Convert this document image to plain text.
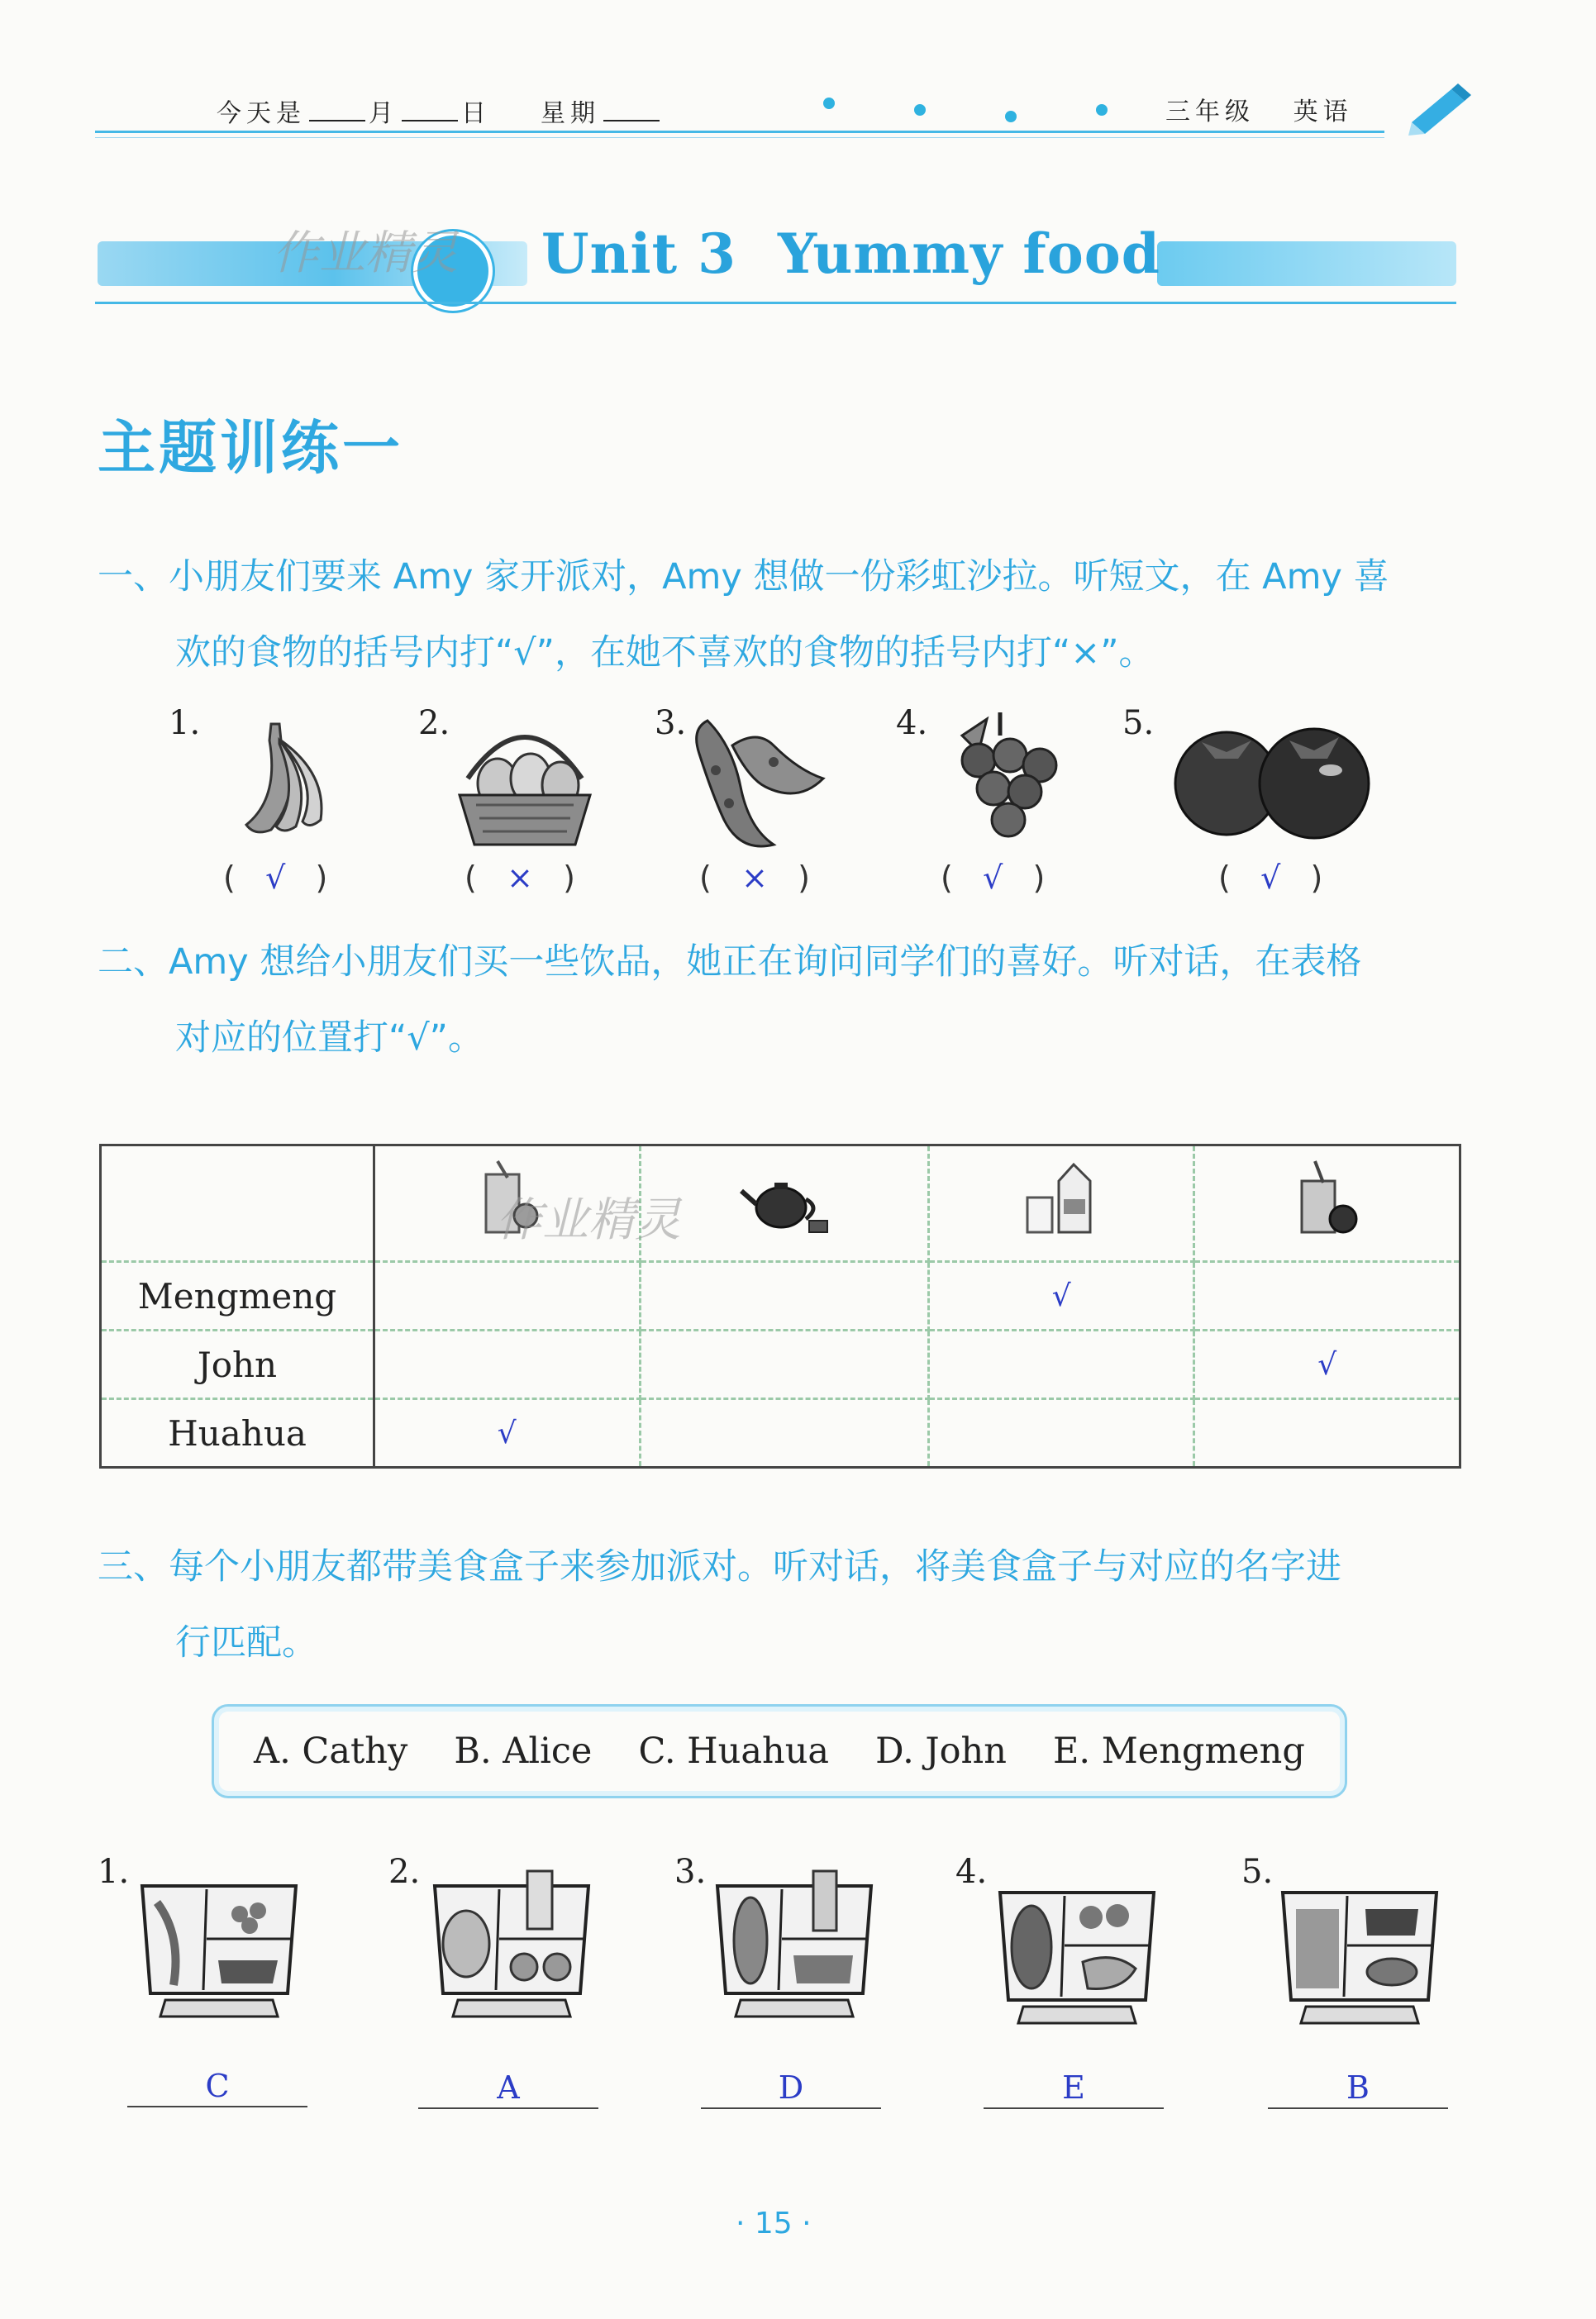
今天是	月	日 星期	三年级 英语
作业精灵 Unit 3 Yummy food
主题训练一
一、小朋友们要来 Amy 家开派对，Amy 想做一份彩虹沙拉。听短文，在 Amy 喜
欢的食物的括号内打“√”，在她不喜欢的食物的括号内打“×”。
1.
(   √   )
2.
(   ×   )
3.
(   ×   )
4.
(   √   )
5.
(   √   )
二、Amy 想给小朋友们买一些饮品，她正在询问同学们的喜好。听对话，在表格
对应的位置打“√”。

Mengmeng			√	
John				√
Huahua	√			
作业精灵
三、每个小朋友都带美食盒子来参加派对。听对话，将美食盒子与对应的名字进
行匹配。
A. Cathy B. Alice C. Huahua D. John E. Mengmeng
1.
C
2.
A
3.
D
4.
E
5.
B
· 15 ·
